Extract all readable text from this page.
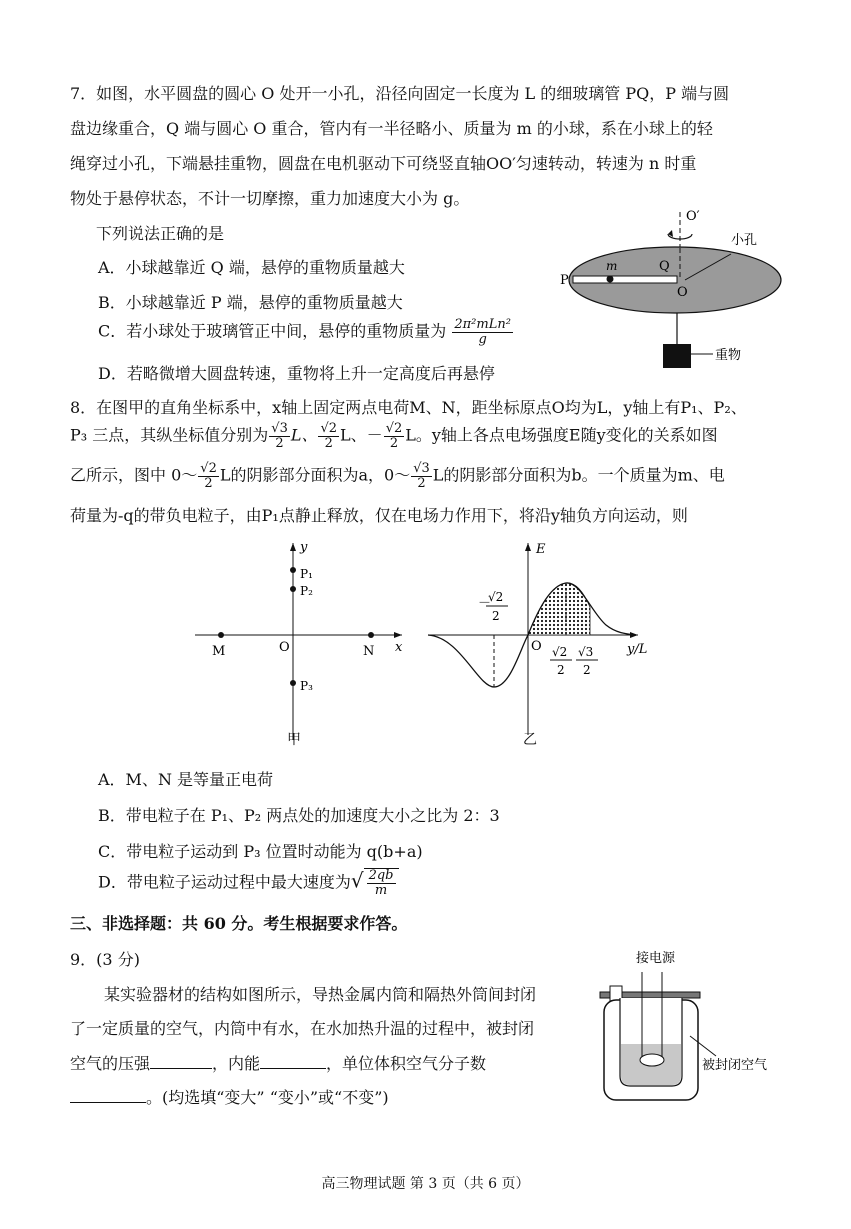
7．如图，水平圆盘的圆心 O 处开一小孔，沿径向固定一长度为 L 的细玻璃管 PQ，P 端与圆
盘边缘重合，Q 端与圆心 O 重合，管内有一半径略小、质量为 m 的小球，系在小球上的轻
绳穿过小孔，下端悬挂重物，圆盘在电机驱动下可绕竖直轴OO′匀速转动，转速为 n 时重
物处于悬停状态，不计一切摩擦，重力加速度大小为 g。
下列说法正确的是
A．小球越靠近 Q 端，悬停的重物质量越大
B．小球越靠近 P 端，悬停的重物质量越大
C．若小球处于玻璃管正中间，悬停的重物质量为 $\frac{\text{2π²mLn²}}{g}$
D．若略微增大圆盘转速，重物将上升一定高度后再悬停
O′
m	Q
P
O
小孔
重物
8．在图甲的直角坐标系中，x轴上固定两点电荷M、N，距坐标原点O均为L，y轴上有P₁、P₂、
P₃ 三点，其纵坐标值分别为 $\frac{√3}{2}$ L、 $\frac{√2}{2}$ L、－ $\frac{√2}{2}$ L。y轴上各点电场强度E随y变化的关系如图
乙所示，图中 0～ $\frac{√2}{2}$ L的阴影部分面积为a，0～ $\frac{√3}{2}$ L的阴影部分面积为b。一个质量为m、电
荷量为-q的带负电粒子，由P₁点静止释放，仅在电场力作用下，将沿y轴负方向运动，则
y
x
O
M	N
P₁
P₂
P₃
甲
E
y/L
O
－
√2
2
√2
2
√3
2
乙
A．M、N 是等量正电荷
B．带电粒子在 P₁、P₂ 两点处的加速度大小之比为 2：3
C．带电粒子运动到 P₃ 位置时动能为 q(b+a)
D．带电粒子运动过程中最大速度为√ $\frac{2qb}{m}$
三、非选择题：共 60 分。考生根据要求作答。
9．(3 分)
某实验器材的结构如图所示，导热金属内筒和隔热外筒间封闭
了一定质量的空气，内筒中有水，在水加热升温的过程中，被封闭
空气的压强	，内能	，单位体积空气分子数
。(均选填“变大” “变小”或“不变”)
接电源
被封闭空气
高三物理试题 第 3 页（共 6 页）
